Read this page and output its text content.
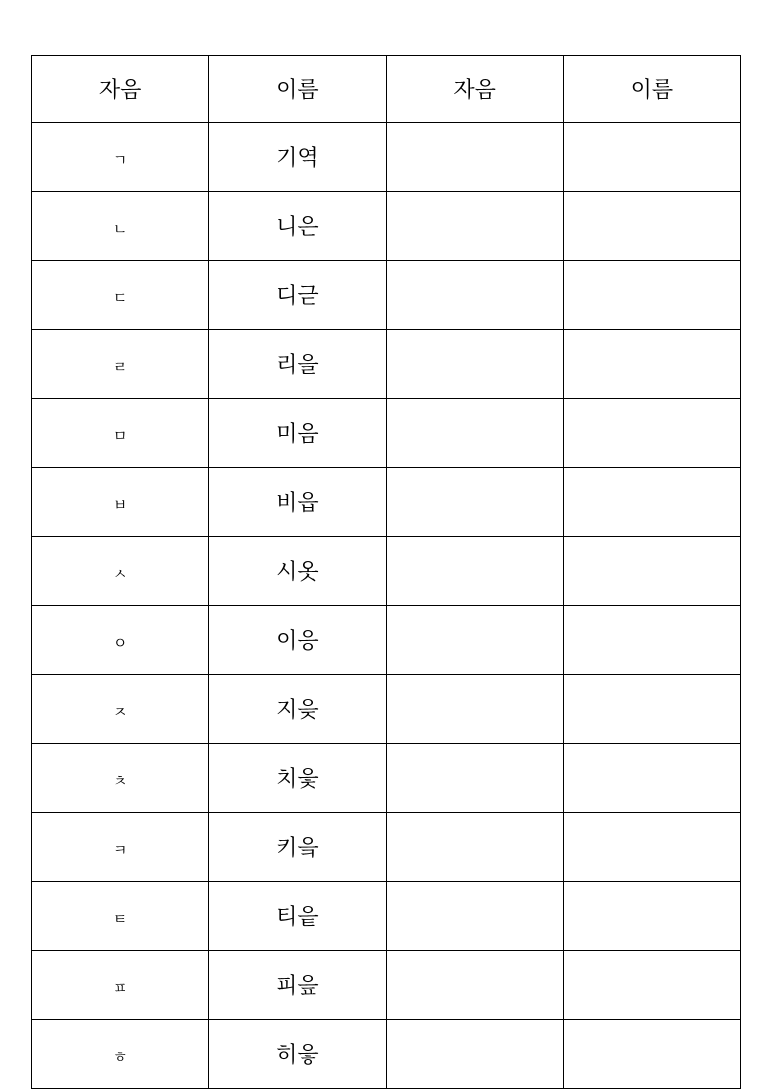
자음	이름	자음	이름
ㄱ	기역		
ㄴ	니은		
ㄷ	디귿		
ㄹ	리을		
ㅁ	미음		
ㅂ	비읍		
ㅅ	시옷		
ㅇ	이응		
ㅈ	지읒		
ㅊ	치읓		
ㅋ	키읔		
ㅌ	티읕		
ㅍ	피읖		
ㅎ	히읗		
